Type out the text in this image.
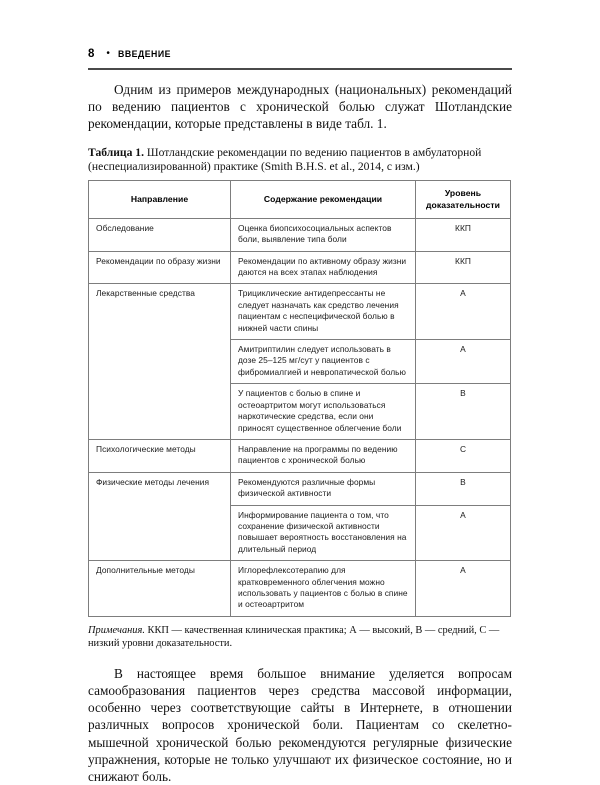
8 • ВВЕДЕНИЕ

Одним из примеров международных (национальных) рекомендаций по ведению пациентов с хронической болью служат Шотландские рекомендации, которые представлены в виде табл. 1.

Таблица 1. Шотландские рекомендации по ведению пациентов в амбулаторной (неспециализированной) практике (Smith B.H.S. et al., 2014, с изм.)
Направление	Содержание рекомендации	Уровень
доказательности
Обследование	Оценка биопсихосоциальных аспектов боли, выявление типа боли	ККП
Рекомендации по образу жизни	Рекомендации по активному образу жизни даются на всех этапах наблюдения	ККП
Лекарственные средства	Трициклические антидепрессанты не следует назначать как средство лечения пациентам с неспецифической болью в нижней части спины	А
	Амитриптилин следует использовать в дозе 25–125 мг/сут у пациентов с фибромиалгией и невропатической болью	А
	У пациентов с болью в спине и остеоартритом могут использоваться наркотические средства, если они приносят существенное облегчение боли	В
Психологические методы	Направление на программы по ведению пациентов с хронической болью	С
Физические методы лечения	Рекомендуются различные формы физической активности	В
	Информирование пациента о том, что сохранение физической активности повышает вероятность восстановления на длительный период	А
Дополнительные методы	Иглорефлексотерапию для кратковременного облегчения можно использовать у пациентов с болью в спине и остеоартритом	А
Примечания. ККП — качественная клиническая практика; А — высокий, В — средний, С — низкий уровни доказательности.

В настоящее время большое внимание уделяется вопросам самообразования пациентов через средства массовой информации, особенно через соответствующие сайты в Интернете, в отношении различных вопросов хронической боли. Пациентам со скелетно-мышечной хронической болью рекомендуются регулярные физические упражнения, которые не только улучшают их физическое состояние, но и снижают боль.
